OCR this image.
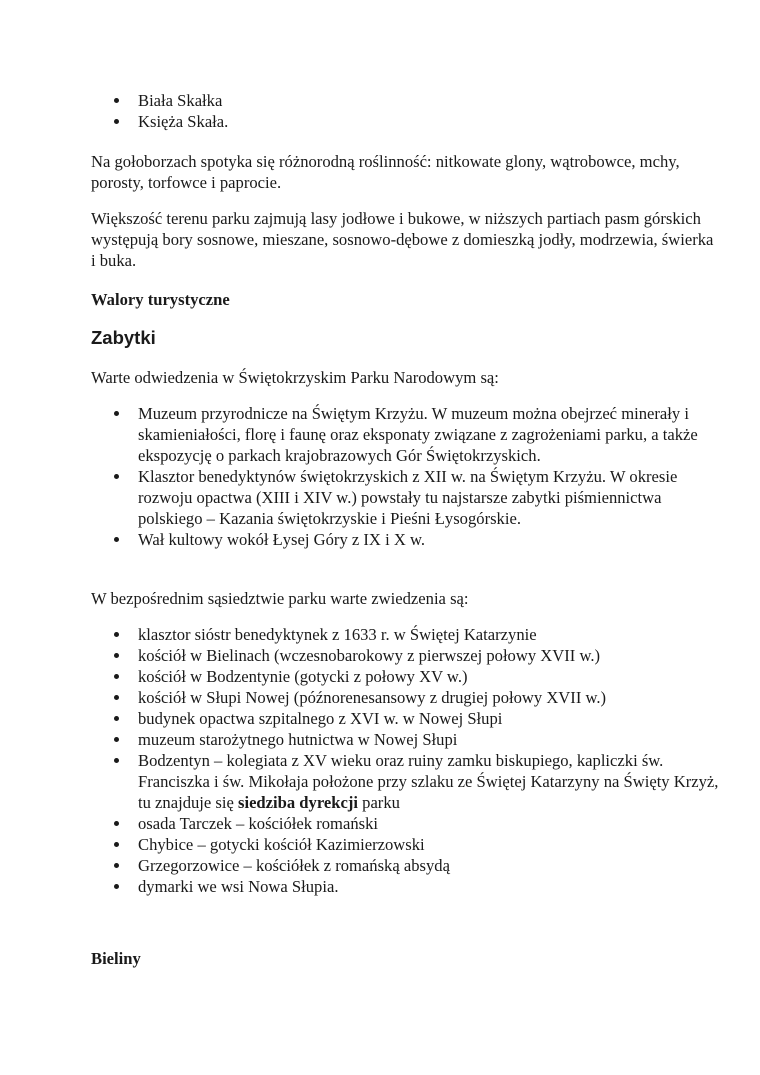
Biała Skałka
Księża Skała.

Na gołoborzach spotyka się różnorodną roślinność: nitkowate glony, wątrobowce, mchy, porosty, torfowce i paprocie.

Większość terenu parku zajmują lasy jodłowe i bukowe, w niższych partiach pasm górskich występują bory sosnowe, mieszane, sosnowo-dębowe z domieszką jodły, modrzewia, świerka i buka.

Walory turystyczne

Zabytki

Warte odwiedzenia w Świętokrzyskim Parku Narodowym są:

Muzeum przyrodnicze na Świętym Krzyżu. W muzeum można obejrzeć minerały i skamieniałości, florę i faunę oraz eksponaty związane z zagrożeniami parku, a także ekspozycję o parkach krajobrazowych Gór Świętokrzyskich.
Klasztor benedyktynów świętokrzyskich z XII w. na Świętym Krzyżu. W okresie rozwoju opactwa (XIII i XIV w.) powstały tu najstarsze zabytki piśmiennictwa polskiego – Kazania świętokrzyskie i Pieśni Łysogórskie.
Wał kultowy wokół Łysej Góry z IX i X w.

W bezpośrednim sąsiedztwie parku warte zwiedzenia są:

klasztor sióstr benedyktynek z 1633 r. w Świętej Katarzynie
kościół w Bielinach (wczesnobarokowy z pierwszej połowy XVII w.)
kościół w Bodzentynie (gotycki z połowy XV w.)
kościół w Słupi Nowej (późnorenesansowy z drugiej połowy XVII w.)
budynek opactwa szpitalnego z XVI w. w Nowej Słupi
muzeum starożytnego hutnictwa w Nowej Słupi
Bodzentyn – kolegiata z XV wieku oraz ruiny zamku biskupiego, kapliczki św. Franciszka i św. Mikołaja położone przy szlaku ze Świętej Katarzyny na Święty Krzyż, tu znajduje się siedziba dyrekcji parku
osada Tarczek – kościółek romański
Chybice – gotycki kościół Kazimierzowski
Grzegorzowice – kościółek z romańską absydą
dymarki we wsi Nowa Słupia.

Bieliny
